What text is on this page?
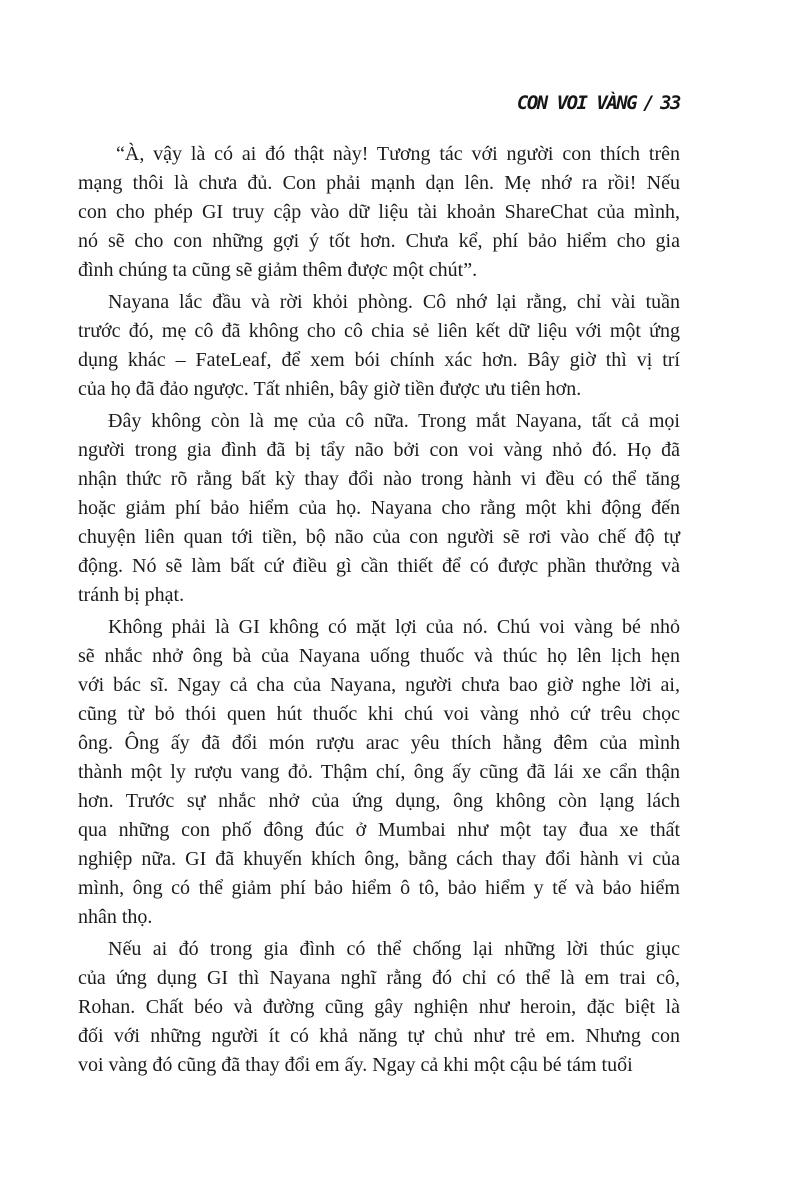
CON VOI VÀNG / 33
“À, vậy là có ai đó thật này! Tương tác với người con thích trên
mạng thôi là chưa đủ. Con phải mạnh dạn lên. Mẹ nhớ ra rồi! Nếu
con cho phép GI truy cập vào dữ liệu tài khoản ShareChat của mình,
nó sẽ cho con những gợi ý tốt hơn. Chưa kể, phí bảo hiểm cho gia
đình chúng ta cũng sẽ giảm thêm được một chút”.
Nayana lắc đầu và rời khỏi phòng. Cô nhớ lại rằng, chỉ vài tuần
trước đó, mẹ cô đã không cho cô chia sẻ liên kết dữ liệu với một ứng
dụng khác – FateLeaf, để xem bói chính xác hơn. Bây giờ thì vị trí
của họ đã đảo ngược. Tất nhiên, bây giờ tiền được ưu tiên hơn.
Đây không còn là mẹ của cô nữa. Trong mắt Nayana, tất cả mọi
người trong gia đình đã bị tẩy não bởi con voi vàng nhỏ đó. Họ đã
nhận thức rõ rằng bất kỳ thay đổi nào trong hành vi đều có thể tăng
hoặc giảm phí bảo hiểm của họ. Nayana cho rằng một khi động đến
chuyện liên quan tới tiền, bộ não của con người sẽ rơi vào chế độ tự
động. Nó sẽ làm bất cứ điều gì cần thiết để có được phần thưởng và
tránh bị phạt.
Không phải là GI không có mặt lợi của nó. Chú voi vàng bé nhỏ
sẽ nhắc nhở ông bà của Nayana uống thuốc và thúc họ lên lịch hẹn
với bác sĩ. Ngay cả cha của Nayana, người chưa bao giờ nghe lời ai,
cũng từ bỏ thói quen hút thuốc khi chú voi vàng nhỏ cứ trêu chọc
ông. Ông ấy đã đổi món rượu arac yêu thích hằng đêm của mình
thành một ly rượu vang đỏ. Thậm chí, ông ấy cũng đã lái xe cẩn thận
hơn. Trước sự nhắc nhở của ứng dụng, ông không còn lạng lách
qua những con phố đông đúc ở Mumbai như một tay đua xe thất
nghiệp nữa. GI đã khuyến khích ông, bằng cách thay đổi hành vi của
mình, ông có thể giảm phí bảo hiểm ô tô, bảo hiểm y tế và bảo hiểm
nhân thọ.
Nếu ai đó trong gia đình có thể chống lại những lời thúc giục
của ứng dụng GI thì Nayana nghĩ rằng đó chỉ có thể là em trai cô,
Rohan. Chất béo và đường cũng gây nghiện như heroin, đặc biệt là
đối với những người ít có khả năng tự chủ như trẻ em. Nhưng con
voi vàng đó cũng đã thay đổi em ấy. Ngay cả khi một cậu bé tám tuổi
